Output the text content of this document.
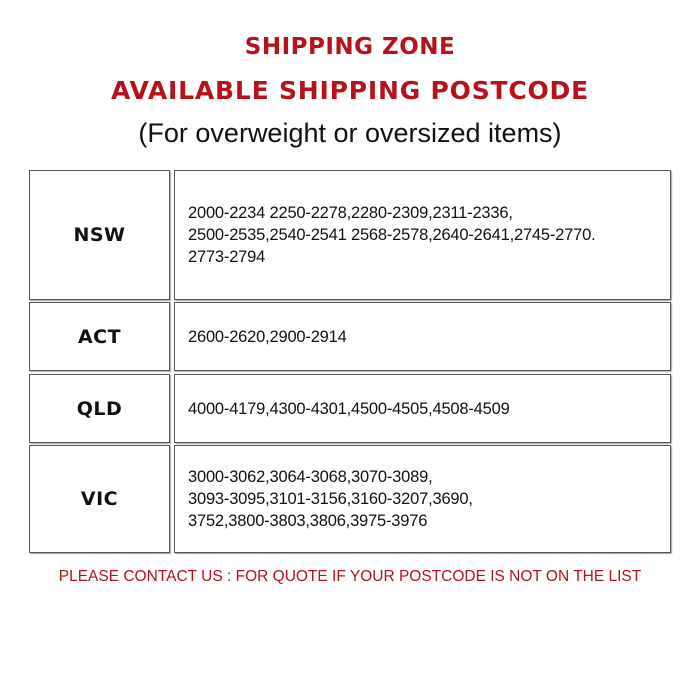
SHIPPING ZONE
AVAILABLE SHIPPING POSTCODE
(For overweight or oversized items)
NSW
2000-2234 2250-2278,2280-2309,2311-2336,
2500-2535,2540-2541 2568-2578,2640-2641,2745-2770.
2773-2794
ACT	2600-2620,2900-2914
QLD	4000-4179,4300-4301,4500-4505,4508-4509
VIC
3000-3062,3064-3068,3070-3089,
3093-3095,3101-3156,3160-3207,3690,
3752,3800-3803,3806,3975-3976
PLEASE CONTACT US : FOR QUOTE IF YOUR POSTCODE IS NOT ON THE LIST
